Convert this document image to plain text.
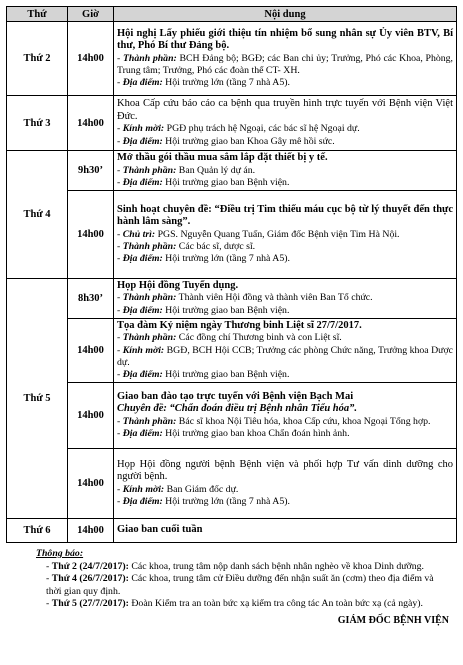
Thứ	Giờ	Nội dung
Thứ 2	14h00	Hội nghị Lấy phiếu giới thiệu tín nhiệm bổ sung nhân sự Ủy viên BTV, Bí thư, Phó Bí thư Đảng bộ.
- Thành phần: BCH Đảng bộ; BGĐ; các Ban chi ủy; Trưởng, Phó các Khoa, Phòng, Trung tâm; Trưởng, Phó các đoàn thể CT- XH.
- Địa điểm: Hội trường lớn (tầng 7 nhà A5).

Thứ 3	14h00	Khoa Cấp cứu báo cáo ca bệnh qua truyền hình trực tuyến với Bệnh viện Việt Đức.
- Kính mời: PGĐ phụ trách hệ Ngoại, các bác sĩ hệ Ngoại dự.
- Địa điểm: Hội trường giao ban Khoa Gây mê hồi sức.

Thứ 4	9h30’	Mở thầu gói thầu mua sắm lắp đặt thiết bị y tế.
- Thành phần: Ban Quản lý dự án.
- Địa điểm: Hội trường giao ban Bệnh viện.

	14h00	Sinh hoạt chuyên đề: “Điều trị Tim thiếu máu cục bộ từ lý thuyết đến thực hành lâm sàng”.
- Chủ trì: PGS. Nguyễn Quang Tuấn, Giám đốc Bệnh viện Tim Hà Nội.
- Thành phần: Các bác sĩ, dược sĩ.
- Địa điểm: Hội trường lớn (tầng 7 nhà A5).

Thứ 5	8h30’	Họp Hội đồng Tuyển dụng.
- Thành phần: Thành viên Hội đồng và thành viên Ban Tổ chức.
- Địa điểm: Hội trường giao ban Bệnh viện.

	14h00	Tọa đàm Kỷ niệm ngày Thương binh Liệt sĩ 27/7/2017.
- Thành phần: Các đồng chí Thương binh và con Liệt sĩ.
- Kính mời: BGĐ, BCH Hội CCB; Trưởng các phòng Chức năng, Trưởng khoa Dược dự.
- Địa điểm: Hội trường giao ban Bệnh viện.

	14h00	Giao ban đào tạo trực tuyến với Bệnh viện Bạch Mai
Chuyên đề: “Chẩn đoán điều trị Bệnh nhân Tiểu hóa”.
- Thành phần: Bác sĩ khoa Nội Tiêu hóa, khoa Cấp cứu, khoa Ngoại Tổng hợp.
- Địa điểm: Hội trường giao ban khoa Chẩn đoán hình ảnh.

	14h00	Họp Hội đồng người bệnh Bệnh viện và phối hợp Tư vấn dinh dưỡng cho người bệnh.
- Kính mời: Ban Giám đốc dự.
- Địa điểm: Hội trường lớn (tầng 7 nhà A5).

Thứ 6	14h00	Giao ban cuối tuần
Thông báo:
- Thứ 2 (24/7/2017): Các khoa, trung tâm nộp danh sách bệnh nhân nghèo về khoa Dinh dưỡng.
- Thứ 4 (26/7/2017): Các khoa, trung tâm cử Điều dưỡng đến nhận suất ăn (cơm) theo địa điểm và thời gian quy định.
- Thứ 5 (27/7/2017): Đoàn Kiểm tra an toàn bức xạ kiểm tra công tác An toàn bức xạ (cả ngày).
GIÁM ĐỐC BỆNH VIỆN
